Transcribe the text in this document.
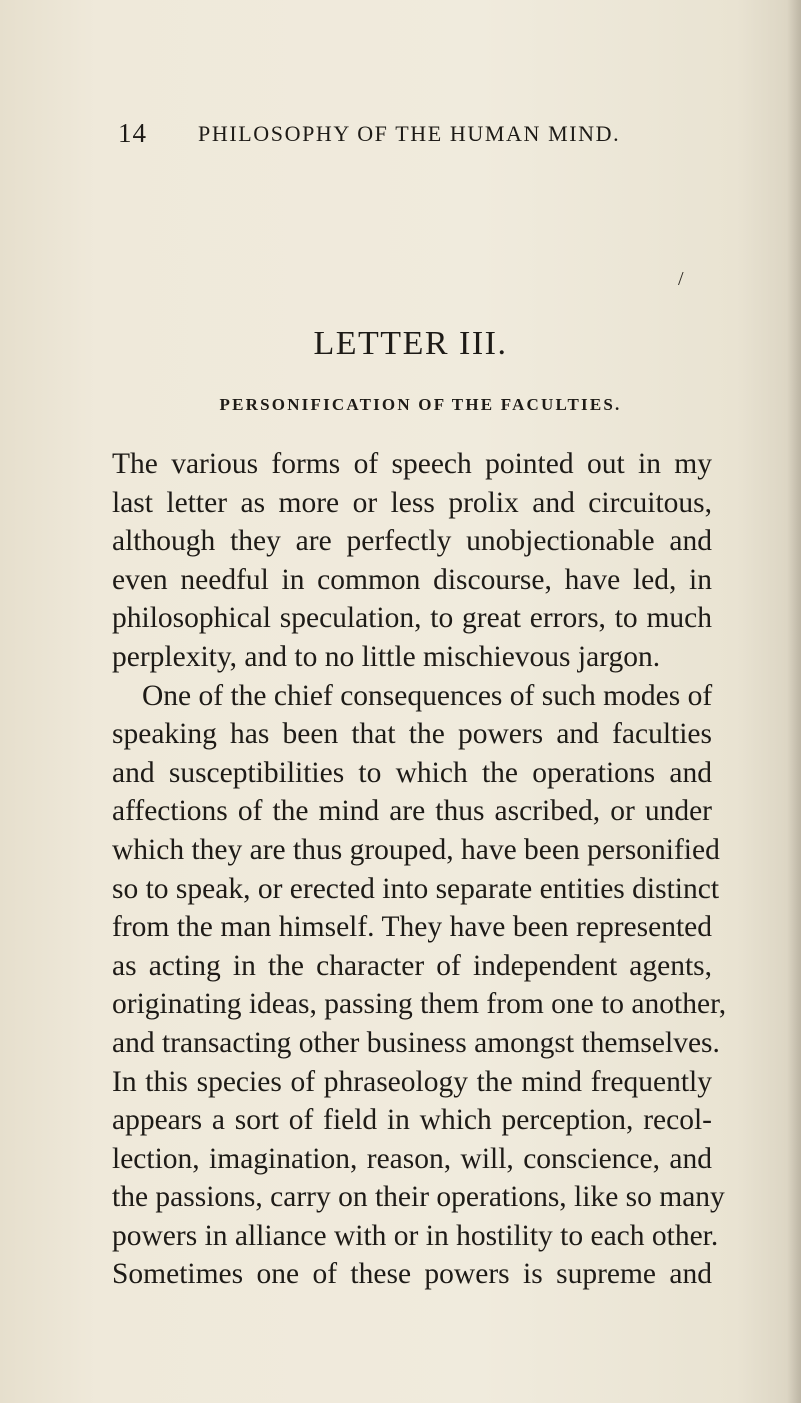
14 PHILOSOPHY OF THE HUMAN MIND.
/
LETTER III.
PERSONIFICATION OF THE FACULTIES.
The various forms of speech pointed out in my
last letter as more or less prolix and circuitous,
although they are perfectly unobjectionable and
even needful in common discourse, have led, in
philosophical speculation, to great errors, to much
perplexity, and to no little mischievous jargon.
One of the chief consequences of such modes of
speaking has been that the powers and faculties
and susceptibilities to which the operations and
affections of the mind are thus ascribed, or under
which they are thus grouped, have been personified
so to speak, or erected into separate entities distinct
from the man himself. They have been represented
as acting in the character of independent agents,
originating ideas, passing them from one to another,
and transacting other business amongst themselves.
In this species of phraseology the mind frequently
appears a sort of field in which perception, recol-
lection, imagination, reason, will, conscience, and
the passions, carry on their operations, like so many
powers in alliance with or in hostility to each other.
Sometimes one of these powers is supreme and
